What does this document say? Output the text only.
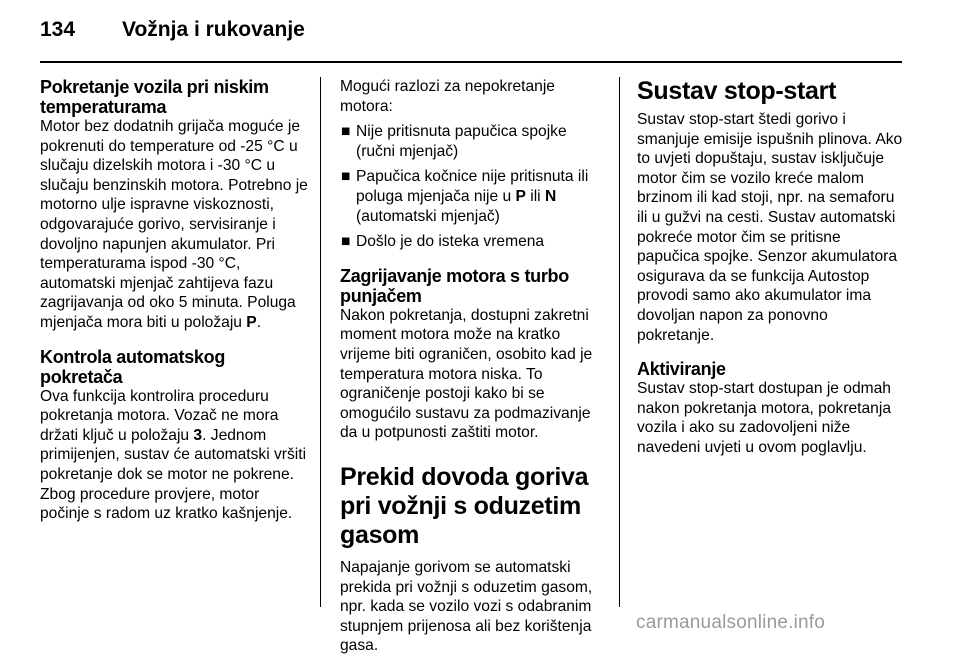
134 Vožnja i rukovanje
Pokretanje vozila pri niskim temperaturama

Motor bez dodatnih grijača moguće je pokrenuti do temperature od -25 °C u slučaju dizelskih motora i -30 °C u slučaju benzinskih motora. Potrebno je motorno ulje ispravne viskoznosti, odgovarajuće gorivo, servisiranje i dovoljno napunjen akumulator. Pri temperaturama ispod -30 °C, automatski mjenjač zahtijeva fazu zagrijavanja od oko 5 minuta. Poluga mjenjača mora biti u položaju P.

Kontrola automatskog pokretača

Ova funkcija kontrolira proceduru pokretanja motora. Vozač ne mora držati ključ u položaju 3. Jednom primijenjen, sustav će automatski vršiti pokretanje dok se motor ne pokrene. Zbog procedure provjere, motor počinje s radom uz kratko kašnjenje.

Mogući razlozi za nepokretanje motora:

■ Nije pritisnuta papučica spojke (ručni mjenjač)
■ Papučica kočnice nije pritisnuta ili poluga mjenjača nije u P ili N (automatski mjenjač)
■ Došlo je do isteka vremena
Zagrijavanje motora s turbo punjačem

Nakon pokretanja, dostupni zakretni moment motora može na kratko vrijeme biti ograničen, osobito kad je temperatura motora niska. To ograničenje postoji kako bi se omogućilo sustavu za podmazivanje da u potpunosti zaštiti motor.

Prekid dovoda goriva pri vožnji s oduzetim gasom

Napajanje gorivom se automatski prekida pri vožnji s oduzetim gasom, npr. kada se vozilo vozi s odabranim stupnjem prijenosa ali bez korištenja gasa.

Sustav stop-start

Sustav stop-start štedi gorivo i smanjuje emisije ispušnih plinova. Ako to uvjeti dopuštaju, sustav isključuje motor čim se vozilo kreće malom brzinom ili kad stoji, npr. na semaforu ili u gužvi na cesti. Sustav automatski pokreće motor čim se pritisne papučica spojke. Senzor akumulatora osigurava da se funkcija Autostop provodi samo ako akumulator ima dovoljan napon za ponovno pokretanje.

Aktiviranje

Sustav stop-start dostupan je odmah nakon pokretanja motora, pokretanja vozila i ako su zadovoljeni niže navedeni uvjeti u ovom poglavlju.

carmanualsonline.info
